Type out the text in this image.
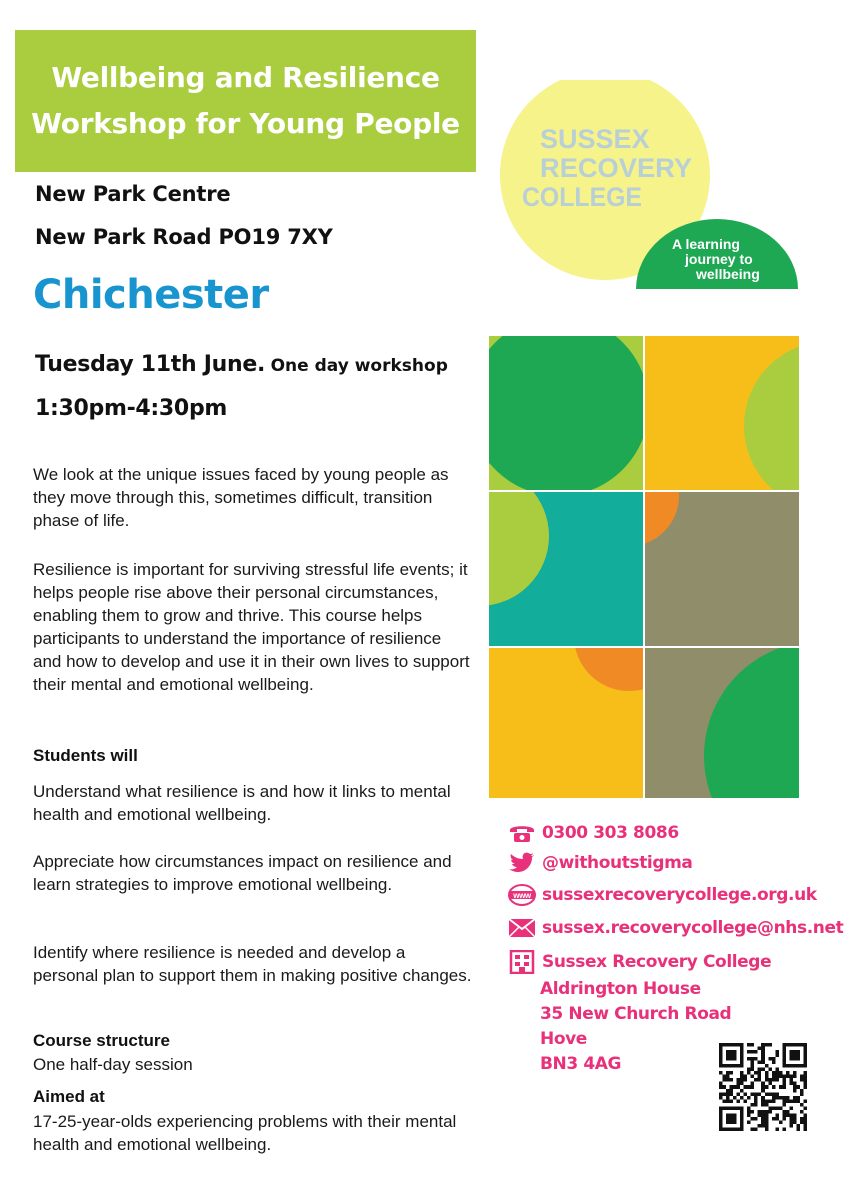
Wellbeing and Resilience
Workshop for Young People
New Park Centre
New Park Road PO19 7XY
Chichester
Tuesday 11th June. One day workshop
1:30pm-4:30pm
We look at the unique issues faced by young people as they move through this, sometimes difficult, transition phase of life.
Resilience is important for surviving stressful life events; it helps people rise above their personal circumstances, enabling them to grow and thrive. This course helps participants to understand the importance of resilience and how to develop and use it in their own lives to support their mental and emotional wellbeing.
Students will
Understand what resilience is and how it links to mental health and emotional wellbeing.
Appreciate how circumstances impact on resilience and learn strategies to improve emotional wellbeing.
Identify where resilience is needed and develop a personal plan to support them in making positive changes.
Course structure
One half-day session
Aimed at
17-25-year-olds experiencing problems with their mental health and emotional wellbeing.
SUSSEX
RECOVERY
COLLEGE
A learning
journey to
wellbeing
0300 303 8086
@withoutstigma
www sussexrecoverycollege.org.uk
sussex.recoverycollege@nhs.net
Sussex Recovery College
Aldrington House
35 New Church Road
Hove
BN3 4AG
